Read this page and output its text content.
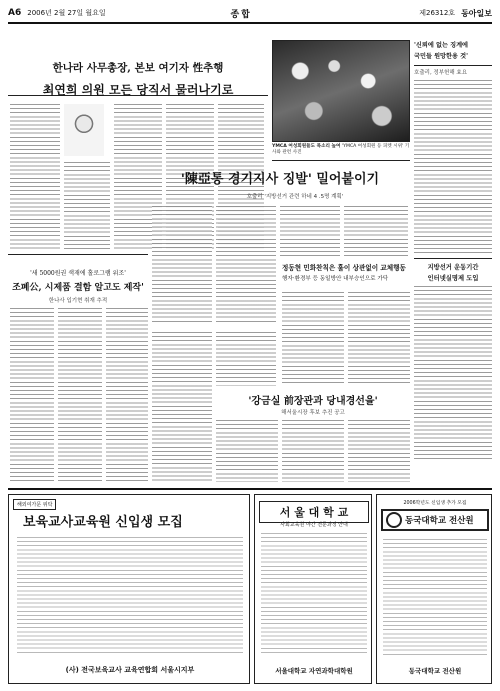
A6 2006년 2월 27일 월요일	종합	제26312호 동아일보
한나라 사무총장, 본보 여기자 性추행
최연희 의원 모든 당직서 물러나기로
YMCA 여성회원들도 목소리 높여 'YMCA 여성회원 등 피켓 시위' 기사와 관련 사진
'신뢰에 없는 징계에
국민들 원망한용 것'
호출리, 정부헌해 효요
지방선거 운동기간
인터넷실명제 도입
'陳亞통 경기지사 징발' 밀어붙이기
호출리 '지방선거 관련 하네 4 .5명 계획'
정동현 민화찬칙은 훌이 상관없이 교체행동
행자·환경부 등 동일방안 내부승인으로 가닥
'새 5000원권 색재에 홀로그램 위조'
조폐公, 시제품 결함 알고도 제작'
한나사 입기현 취재 추적
'강금실 前장관과 당내경선을'
해서울시장 후보 추진 공고
해외여가문 위탁
보육교사교육원 신입생 모집
(사) 전국보육교사 교육연합회 서울시지부
서 울 대 학 교
사회교육원 야간 전문과정 안내
서울대학교 자연과학대학원
2006학년도 신입생 추가 모집
동국대학교 전산원
동국대학교 전산원
